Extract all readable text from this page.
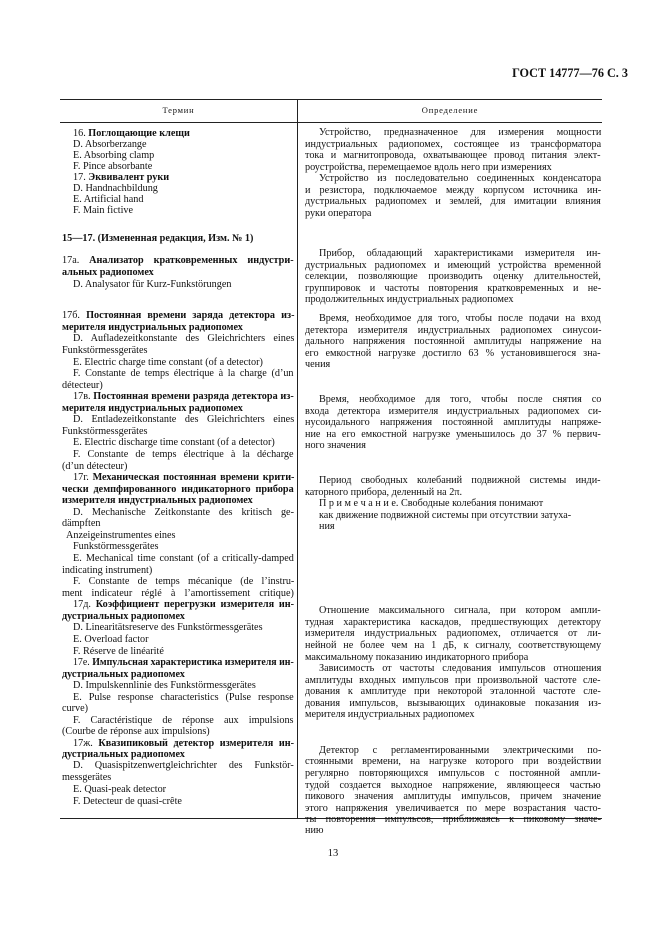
ГОСТ 14777—76 С. 3
Термин	Определение
16. Поглощающие клещи
D. Absorberzange
E. Absorbing clamp
F. Pince absorbante
17. Эквивалент руки
D. Handnachbildung
E. Artificial hand
F. Main fictive
15—17. (Измененная редакция, Изм. № 1)
17а. Анализатор кратковременных индустри-
альных радиопомех
D. Analysator für Kurz-Funkstörungen
17б. Постоянная времени заряда детектора из-
мерителя индустриальных радиопомех
D. Aufladezeitkonstante des Gleichrichters eines
Funkstörmessgerätes
E. Electric charge time constant (of a detector)
F. Constante de temps électrique à la charge (d’un
détecteur)
17в. Постоянная времени разряда детектора из-
мерителя индустриальных радиопомех
D. Entladezeitkonstante des Gleichrichters eines
Funkstörmessgerätes
E. Electric discharge time constant (of a detector)
F. Constante de temps électrique à la décharge
(d’un détecteur)
17г. Механическая постоянная времени крити-
чески демпфированного индикаторного прибора
измерителя индустриальных радиопомех
D. Mechanische Zeitkonstante des kritisch ge-
dämpften
Anzeigeinstrumentes eines
Funkstörmessgerätes
E. Mechanical time constant (of a critically-damped
indicating instrument)
F. Constante de temps mécanique (de l’instru-
ment indicateur réglé à l’amortissement critique)
17д. Коэффициент перегрузки измерителя ин-
дустриальных радиопомех
D. Linearitätsreserve des Funkstörmessgerätes
E. Overload factor
F. Réserve de linéarité
17е. Импульсная характеристика измерителя ин-
дустриальных радиопомех
D. Impulskennlinie des Funkstörmessgerätes
E. Pulse response characteristics (Pulse response
curve)
F. Caractéristique de réponse aux impulsions
(Courbe de réponse aux impulsions)
17ж. Квазипиковый детектор измерителя ин-
дустриальных радиопомех
D. Quasispitzenwertgleichrichter des Funkstör-
messgerätes
E. Quasi-peak detector
F. Detecteur de quasi-crête
Устройство, предназначенное для измерения мощности
индустриальных радиопомех, состоящее из трансформатора
тока и магнитопровода, охватывающее провод питания элект-
роустройства, перемещаемое вдоль него при измерениях
Устройство из последовательно соединенных конденсатора
и резистора, подключаемое между корпусом источника ин-
дустриальных радиопомех и землей, для имитации влияния
руки оператора
Прибор, обладающий характеристиками измерителя ин-
дустриальных радиопомех и имеющий устройства временной
селекции, позволяющие производить оценку длительностей,
группировок и частоты повторения кратковременных и не-
продолжительных индустриальных радиопомех
Время, необходимое для того, чтобы после подачи на вход
детектора измерителя индустриальных радиопомех синусои-
дального напряжения постоянной амплитуды напряжение на
его емкостной нагрузке достигло 63 % установившегося зна-
чения
Время, необходимое для того, чтобы после снятия со
входа детектора измерителя индустриальных радиопомех си-
нусоидального напряжения постоянной амплитуды напряже-
ние на его емкостной нагрузке уменьшилось до 37 % первич-
ного значения
Период свободных колебаний подвижной системы инди-
каторного прибора, деленный на 2π.
П р и м е ч а н и е. Свободные колебания понимают
как движение подвижной системы при отсутствии затуха-
ния
Отношение максимального сигнала, при котором ампли-
тудная характеристика каскадов, предшествующих детектору
измерителя индустриальных радиопомех, отличается от ли-
нейной не более чем на 1 дБ, к сигналу, соответствующему
максимальному показанию индикаторного прибора
Зависимость от частоты следования импульсов отношения
амплитуды входных импульсов при произвольной частоте сле-
дования к амплитуде при некоторой эталонной частоте сле-
дования импульсов, вызывающих одинаковые показания из-
мерителя индустриальных радиопомех
Детектор с регламентированными электрическими по-
стоянными времени, на нагрузке которого при воздействии
регулярно повторяющихся импульсов с постоянной ампли-
тудой создается выходное напряжение, являющееся частью
пикового значения амплитуды импульсов, причем значение
этого напряжения увеличивается по мере возрастания часто-
ты повторения импульсов, приближаясь к пиковому значе-
нию
13
